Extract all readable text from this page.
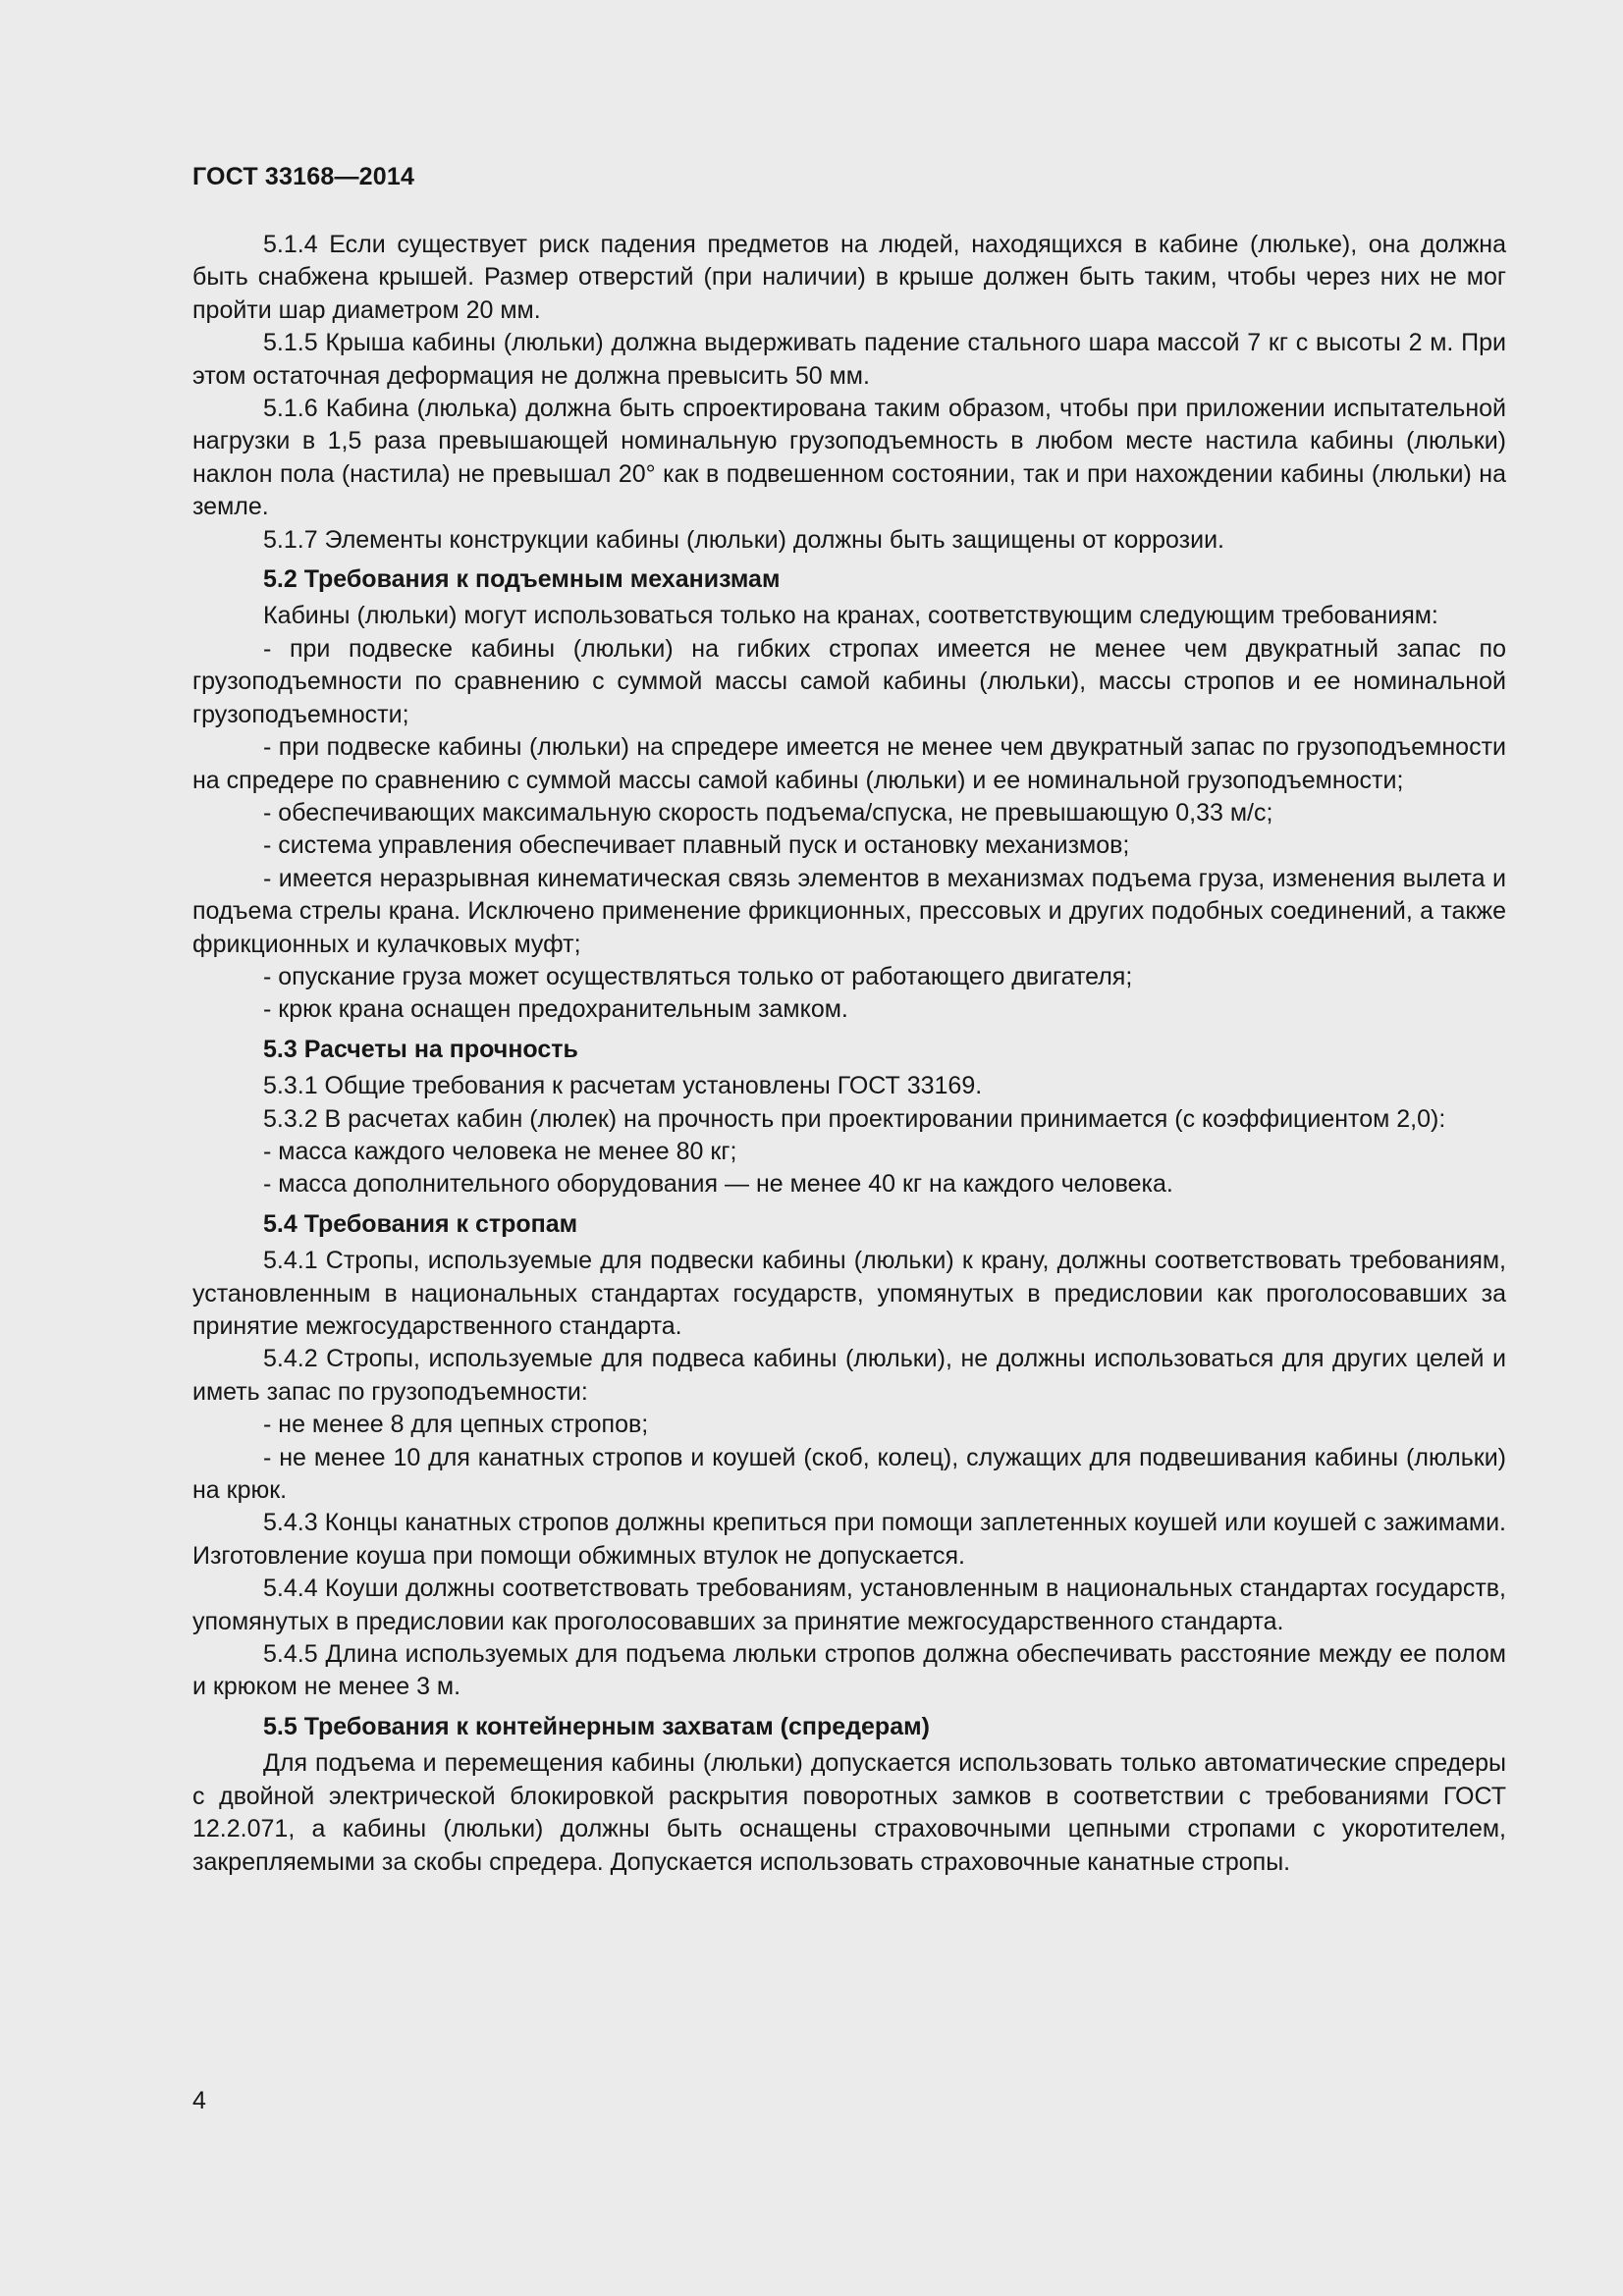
ГОСТ 33168—2014

5.1.4 Если существует риск падения предметов на людей, находящихся в кабине (люльке), она должна быть снабжена крышей. Размер отверстий (при наличии) в крыше должен быть таким, чтобы через них не мог пройти шар диаметром 20 мм.

5.1.5 Крыша кабины (люльки) должна выдерживать падение стального шара массой 7 кг с высоты 2 м. При этом остаточная деформация не должна превысить 50 мм.

5.1.6 Кабина (люлька) должна быть спроектирована таким образом, чтобы при приложении испытательной нагрузки в 1,5 раза превышающей номинальную грузоподъемность в любом месте настила кабины (люльки) наклон пола (настила) не превышал 20° как в подвешенном состоянии, так и при нахождении кабины (люльки) на земле.

5.1.7 Элементы конструкции кабины (люльки) должны быть защищены от коррозии.

5.2 Требования к подъемным механизмам

Кабины (люльки) могут использоваться только на кранах, соответствующим следующим требованиям:

- при подвеске кабины (люльки) на гибких стропах имеется не менее чем двукратный запас по грузоподъемности по сравнению с суммой массы самой кабины (люльки), массы стропов и ее номинальной грузоподъемности;

- при подвеске кабины (люльки) на спредере имеется не менее чем двукратный запас по грузоподъемности на спредере по сравнению с суммой массы самой кабины (люльки) и ее номинальной грузоподъемности;

- обеспечивающих максимальную скорость подъема/спуска, не превышающую 0,33 м/с;

- система управления обеспечивает плавный пуск и остановку механизмов;

- имеется неразрывная кинематическая связь элементов в механизмах подъема груза, изменения вылета и подъема стрелы крана. Исключено применение фрикционных, прессовых и других подобных соединений, а также фрикционных и кулачковых муфт;

- опускание груза может осуществляться только от работающего двигателя;

- крюк крана оснащен предохранительным замком.

5.3 Расчеты на прочность

5.3.1 Общие требования к расчетам установлены ГОСТ 33169.

5.3.2 В расчетах кабин (люлек) на прочность при проектировании принимается (с коэффициентом 2,0):

- масса каждого человека не менее 80 кг;

- масса дополнительного оборудования — не менее 40 кг на каждого человека.

5.4 Требования к стропам

5.4.1 Стропы, используемые для подвески кабины (люльки) к крану, должны соответствовать требованиям, установленным в национальных стандартах государств, упомянутых в предисловии как проголосовавших за принятие межгосударственного стандарта.

5.4.2 Стропы, используемые для подвеса кабины (люльки), не должны использоваться для других целей и иметь запас по грузоподъемности:

- не менее 8 для цепных стропов;

- не менее 10 для канатных стропов и коушей (скоб, колец), служащих для подвешивания кабины (люльки) на крюк.

5.4.3 Концы канатных стропов должны крепиться при помощи заплетенных коушей или коушей с зажимами. Изготовление коуша при помощи обжимных втулок не допускается.

5.4.4 Коуши должны соответствовать требованиям, установленным в национальных стандартах государств, упомянутых в предисловии как проголосовавших за принятие межгосударственного стандарта.

5.4.5 Длина используемых для подъема люльки стропов должна обеспечивать расстояние между ее полом и крюком не менее 3 м.

5.5 Требования к контейнерным захватам (спредерам)

Для подъема и перемещения кабины (люльки) допускается использовать только автоматические спредеры с двойной электрической блокировкой раскрытия поворотных замков в соответствии с требованиями ГОСТ 12.2.071, а кабины (люльки) должны быть оснащены страховочными цепными стропами с укоротителем, закрепляемыми за скобы спредера. Допускается использовать страховочные канатные стропы.

4
